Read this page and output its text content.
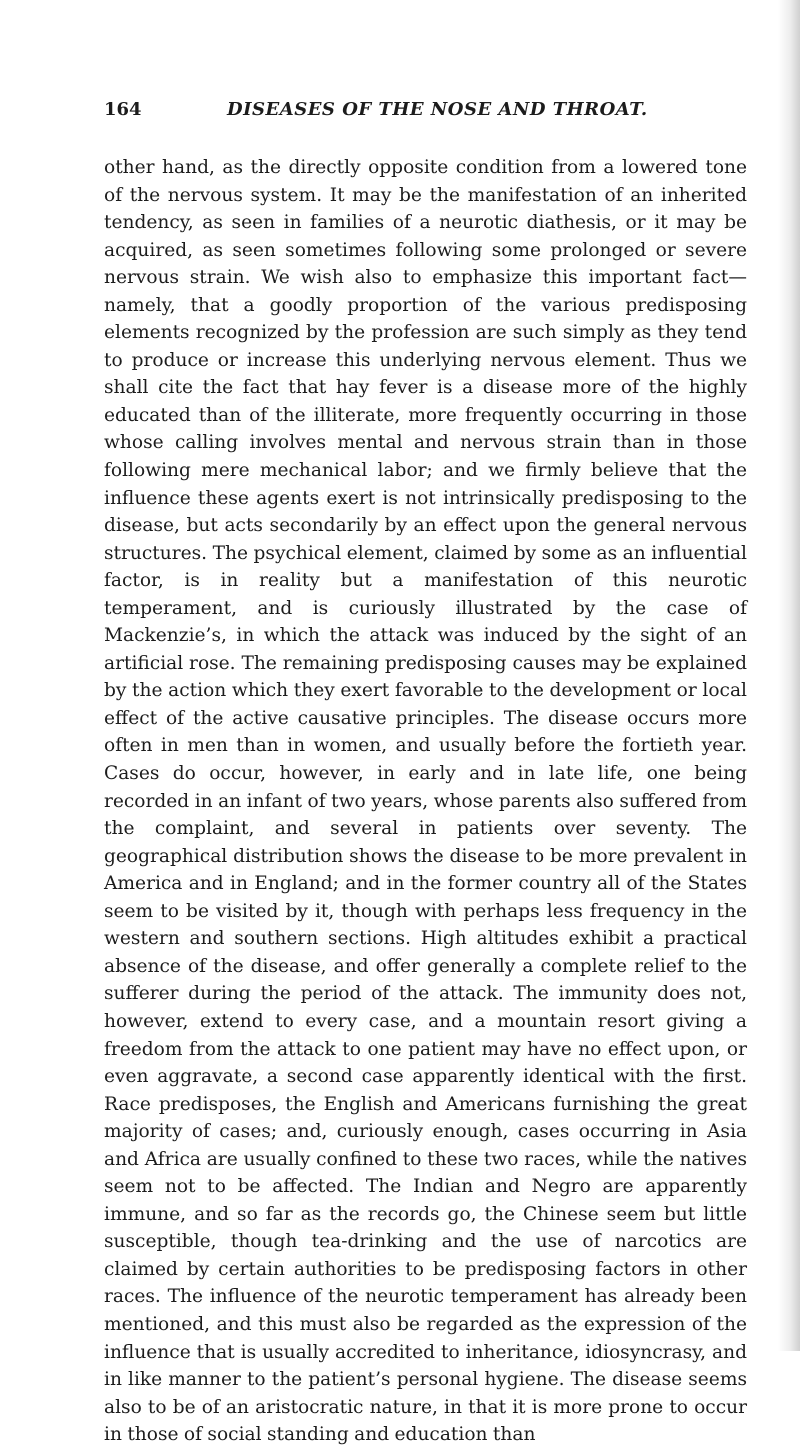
164	DISEASES OF THE NOSE AND THROAT.
other hand, as the directly opposite condition from a lowered tone of the nervous system. It may be the manifestation of an inherited tendency, as seen in families of a neurotic diathesis, or it may be acquired, as seen sometimes following some prolonged or severe nervous strain. We wish also to emphasize this important fact—namely, that a goodly proportion of the various predisposing elements recognized by the profession are such simply as they tend to produce or increase this underlying nervous element. Thus we shall cite the fact that hay fever is a disease more of the highly educated than of the illiterate, more frequently occurring in those whose calling involves mental and nervous strain than in those following mere mechanical labor; and we firmly believe that the influence these agents exert is not intrinsically predisposing to the disease, but acts secondarily by an effect upon the general nervous structures. The psychical element, claimed by some as an influential factor, is in reality but a manifestation of this neurotic temperament, and is curiously illustrated by the case of Mackenzie’s, in which the attack was induced by the sight of an artificial rose. The remaining predisposing causes may be explained by the action which they exert favorable to the development or local effect of the active causative principles. The disease occurs more often in men than in women, and usually before the fortieth year. Cases do occur, however, in early and in late life, one being recorded in an infant of two years, whose parents also suffered from the complaint, and several in patients over seventy. The geographical distribution shows the disease to be more prevalent in America and in England; and in the former country all of the States seem to be visited by it, though with perhaps less frequency in the western and southern sections. High altitudes exhibit a practical absence of the disease, and offer generally a complete relief to the sufferer during the period of the attack. The immunity does not, however, extend to every case, and a mountain resort giving a freedom from the attack to one patient may have no effect upon, or even aggravate, a second case apparently identical with the first. Race predisposes, the English and Americans furnishing the great majority of cases; and, curiously enough, cases occurring in Asia and Africa are usually confined to these two races, while the natives seem not to be affected. The Indian and Negro are apparently immune, and so far as the records go, the Chinese seem but little susceptible, though tea-drinking and the use of narcotics are claimed by certain authorities to be predisposing factors in other races. The influence of the neurotic temperament has already been mentioned, and this must also be regarded as the expression of the influence that is usually accredited to inheritance, idiosyncrasy, and in like manner to the patient’s personal hygiene. The disease seems also to be of an aristocratic nature, in that it is more prone to occur in those of social standing and education than
